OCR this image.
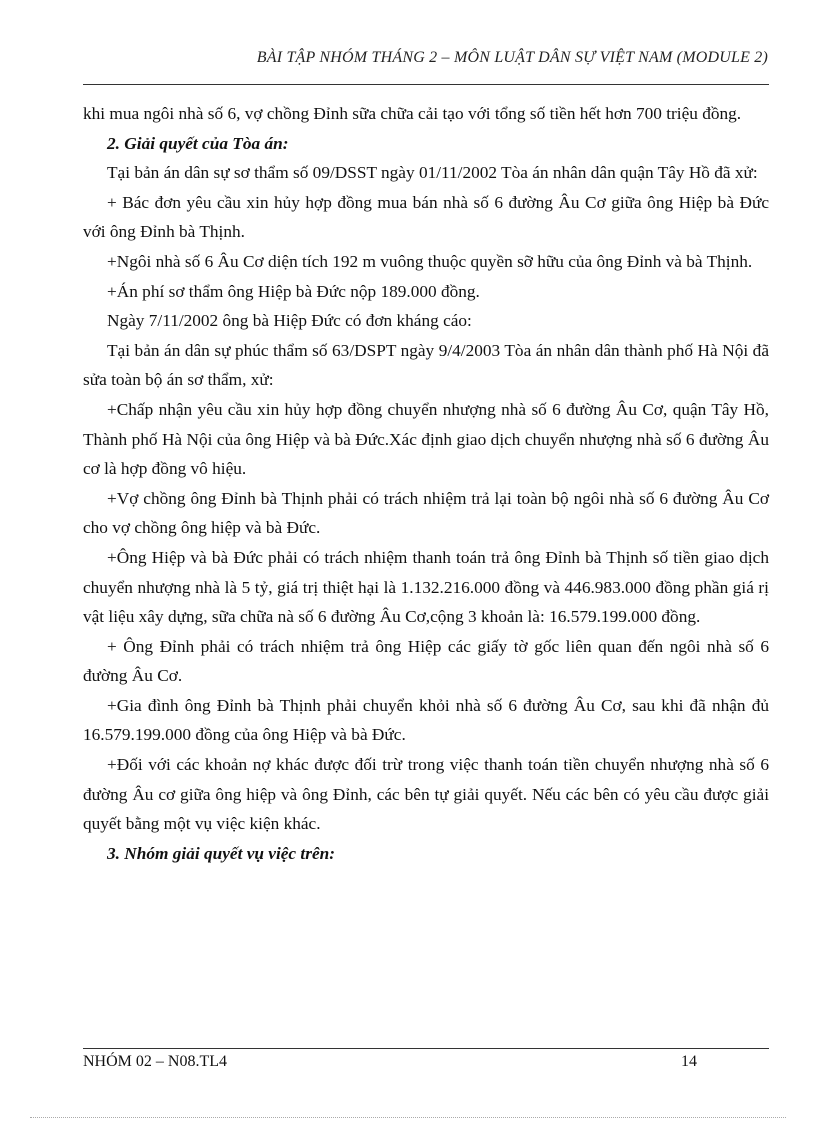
BÀI TẬP NHÓM THÁNG 2 – MÔN LUẬT DÂN SỰ VIỆT NAM (MODULE 2)

khi mua ngôi nhà số 6, vợ chồng Đỉnh sữa chữa cải tạo với tổng số tiền hết hơn 700 triệu đồng.

2. Giải quyết của Tòa án:

Tại bản án dân sự sơ thẩm số 09/DSST ngày 01/11/2002 Tòa án nhân dân quận Tây Hồ đã xử:

+ Bác đơn yêu cầu xin hủy hợp đồng mua bán nhà số 6 đường Âu Cơ giữa ông Hiệp bà Đức với ông Đỉnh bà Thịnh.

+Ngôi nhà số 6 Âu Cơ diện tích 192 m vuông thuộc quyền sỡ hữu của ông Đỉnh và bà Thịnh.

+Án phí sơ thẩm ông Hiệp bà Đức nộp 189.000 đồng.

Ngày 7/11/2002 ông bà Hiệp Đức có đơn kháng cáo:

Tại bản án dân sự phúc thẩm số 63/DSPT ngày 9/4/2003 Tòa án nhân dân thành phố Hà Nội đã sửa toàn bộ án sơ thẩm, xử:

+Chấp nhận yêu cầu xin hủy hợp đồng chuyển nhượng nhà số 6 đường Âu Cơ, quận Tây Hồ, Thành phố Hà Nội của ông Hiệp và bà Đức.Xác định giao dịch chuyển nhượng nhà số 6 đường Âu cơ là hợp đồng vô hiệu.

+Vợ chồng ông Đỉnh bà Thịnh phải có trách nhiệm trả lại toàn bộ ngôi nhà số 6 đường Âu Cơ cho vợ chồng ông hiệp và bà Đức.

+Ông Hiệp và bà Đức phải có trách nhiệm thanh toán trả ông Đỉnh bà Thịnh số tiền giao dịch chuyển nhượng nhà là 5 tỷ, giá trị thiệt hại là 1.132.216.000 đồng và 446.983.000 đồng phần giá rị vật liệu xây dựng, sữa chữa nà số 6 đường Âu Cơ,cộng 3 khoản là: 16.579.199.000 đồng.

+ Ông Đỉnh phải có trách nhiệm trả ông Hiệp các giấy tờ gốc liên quan đến ngôi nhà số 6 đường Âu Cơ.

+Gia đình ông Đỉnh bà Thịnh phải chuyển khỏi nhà số 6 đường Âu Cơ, sau khi đã nhận đủ 16.579.199.000 đồng của ông Hiệp và bà Đức.

+Đối với các khoản nợ khác được đối trừ trong việc thanh toán tiền chuyển nhượng nhà số 6 đường Âu cơ giữa ông hiệp và ông Đỉnh, các bên tự giải quyết. Nếu các bên có yêu cầu được giải quyết bằng một vụ việc kiện khác.

3. Nhóm giải quyết vụ việc trên:

NHÓM 02 – N08.TL4	14
